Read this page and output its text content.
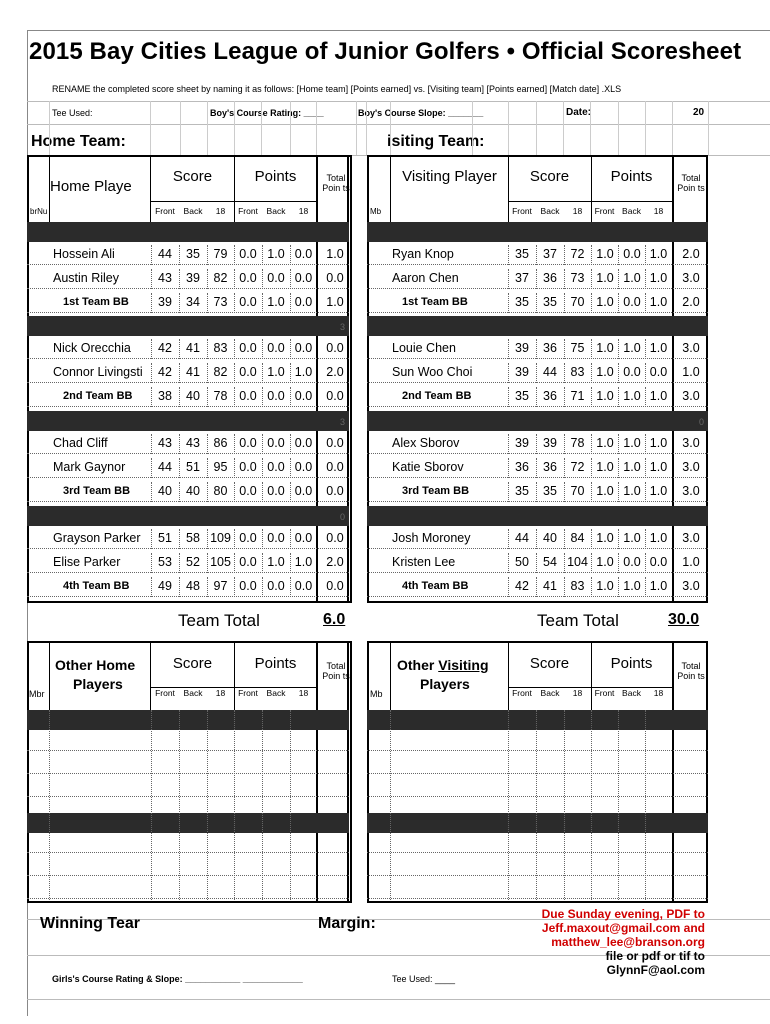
2015 Bay Cities League of Junior Golfers • Official Scoresheet
RENAME the completed score sheet by naming it as follows: [Home team] [Points earned] vs. [Visiting team] [Points earned] [Match date] .XLS
Tee Used:	Boy's Course Rating: ____	Boy's Course Slope: _______	Date:	20
Home Team:	isiting Team:
brNu
Home Playe
Score	Points	Total Poin ts
Front	Back	18	Front	Back	18	Mb
Visiting Player	Score	Points	Total Poin ts
Front	Back	18	Front Back	18
Hossein Ali	44	35	79 0.0 1.0 0.0	1.0
Austin Riley	43	39	82 0.0 0.0 0.0	0.0
1st Team BB	39	34	73 0.0 1.0 0.0	1.0
3
Nick Orecchia	42	41	83 0.0 0.0 0.0	0.0
Connor Livingsti	42	41	82 0.0 1.0 1.0	2.0
2nd Team BB	38	40	78 0.0 0.0 0.0	0.0
3
Chad Cliff	43	43	86 0.0 0.0 0.0	0.0
Mark Gaynor	44	51	95 0.0 0.0 0.0	0.0
3rd Team BB	40	40	80 0.0 0.0 0.0	0.0
0
Grayson Parker	51	58 109 0.0 0.0 0.0	0.0
Elise Parker	53	52 105 0.0 1.0 1.0	2.0
4th Team BB	49	48	97 0.0 0.0 0.0	0.0
Ryan Knop	35	37	72 1.0 0.0 1.0	2.0
Aaron Chen	37	36	73 1.0 1.0 1.0	3.0
1st Team BB	35	35	70 1.0 0.0 1.0	2.0
Louie Chen	39	36	75 1.0 1.0 1.0	3.0
Sun Woo Choi	39	44	83 1.0 0.0 0.0	1.0
2nd Team BB	35	36	71 1.0 1.0 1.0	3.0
0
Alex Sborov	39	39	78 1.0 1.0 1.0	3.0
Katie Sborov	36	36	72 1.0 1.0 1.0	3.0
3rd Team BB	35	35	70 1.0 1.0 1.0	3.0
Josh Moroney	44	40	84 1.0 1.0 1.0	3.0
Kristen Lee	50	54 104 1.0 0.0 0.0	1.0
4th Team BB	42	41	83 1.0 1.0 1.0	3.0
Team Total	6.0	Team Total	30.0
Other Home
Players
Mbr
Score	Points	Total Poin ts
Front	Back	18	Front	Back	18
Other Visiting
Players
Mb
Score	Points	Total Poin ts
Front	Back	18	Front Back	18
Winning Tear	Margin:
Due Sunday evening, PDF to
Jeff.maxout@gmail.com and
matthew_lee@branson.org
file or pdf or tif to
GlynnF@aol.com
Girls's Course Rating & Slope: ___________ ____________	Tee Used: ____
